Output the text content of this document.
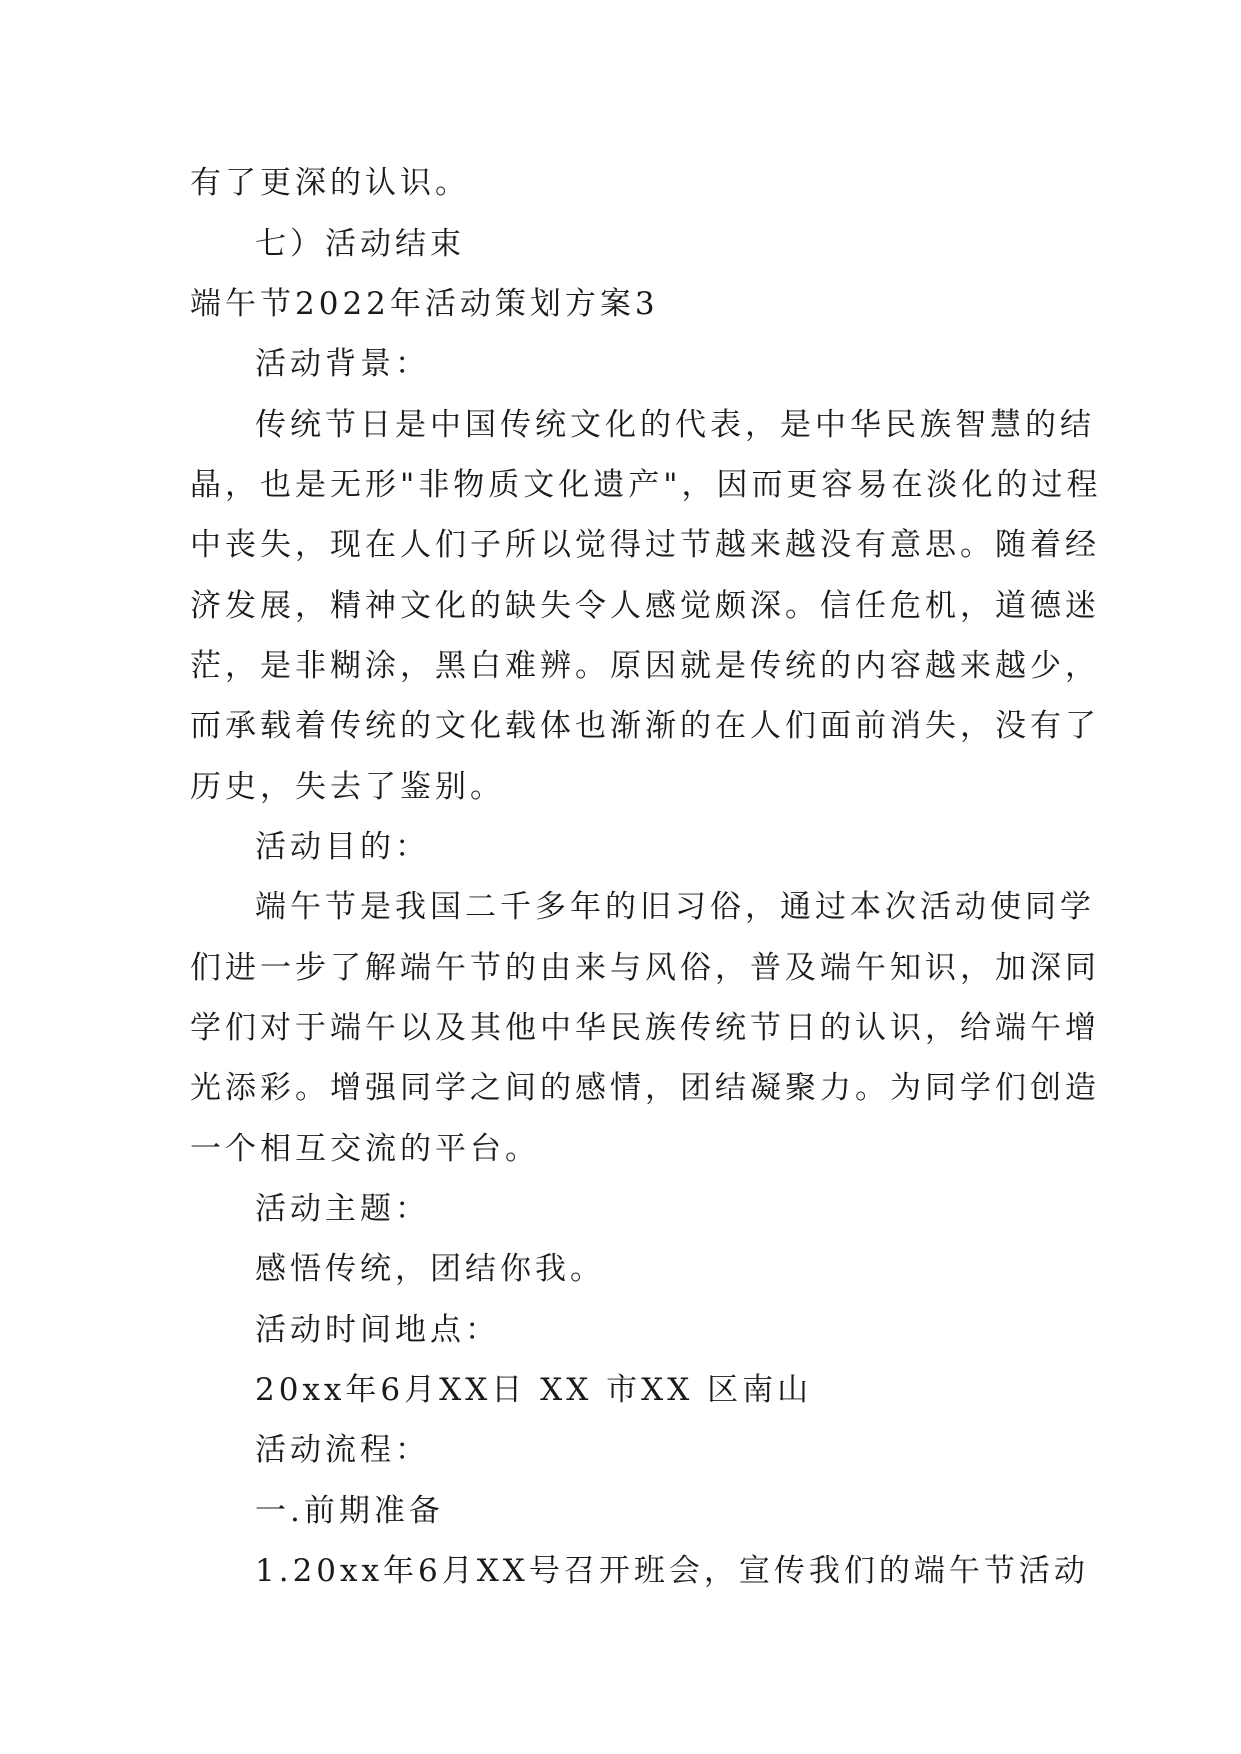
有了更深的认识。
七）活动结束
端午节2022年活动策划方案3
活动背景：
传统节日是中国传统文化的代表，是中华民族智慧的结
晶，也是无形"非物质文化遗产"，因而更容易在淡化的过程
中丧失，现在人们子所以觉得过节越来越没有意思。随着经
济发展，精神文化的缺失令人感觉颇深。信任危机，道德迷
茫，是非糊涂，黑白难辨。原因就是传统的内容越来越少，
而承载着传统的文化载体也渐渐的在人们面前消失，没有了
历史，失去了鉴别。
活动目的：
端午节是我国二千多年的旧习俗，通过本次活动使同学
们进一步了解端午节的由来与风俗，普及端午知识，加深同
学们对于端午以及其他中华民族传统节日的认识，给端午增
光添彩。增强同学之间的感情，团结凝聚力。为同学们创造
一个相互交流的平台。
活动主题：
感悟传统，团结你我。
活动时间地点：
20xx年6月XX日 XX 市XX 区南山
活动流程：
一.前期准备
1.20xx年6月XX号召开班会，宣传我们的端午节活动
